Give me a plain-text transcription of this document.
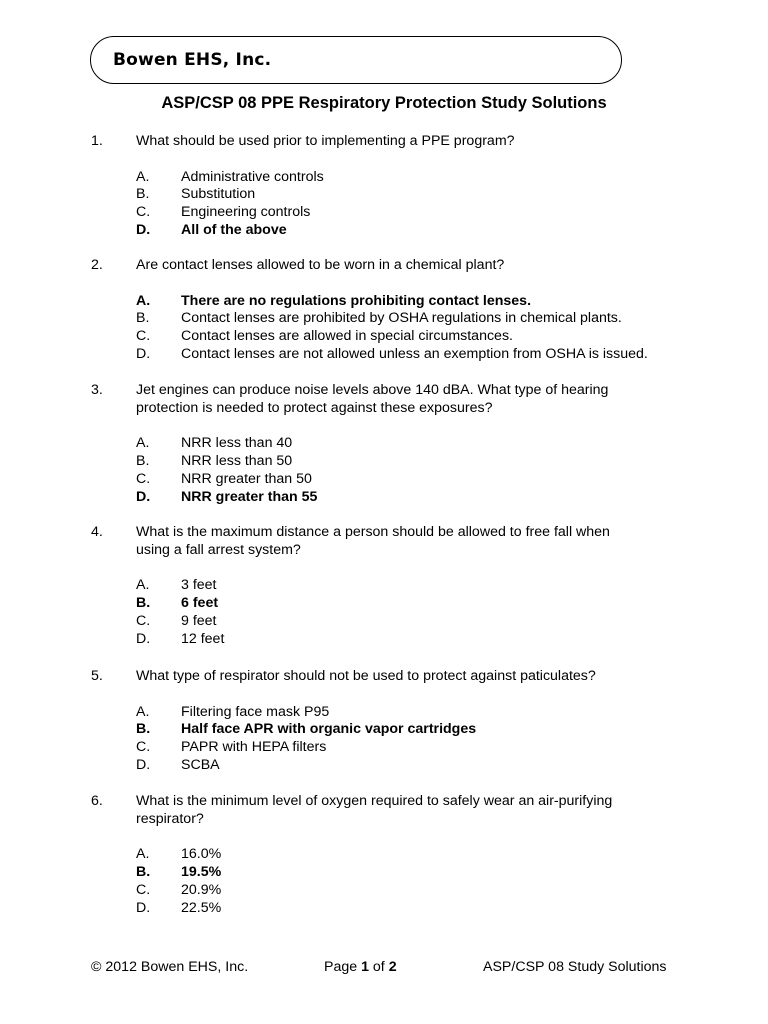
Bowen EHS, Inc.
ASP/CSP 08 PPE Respiratory Protection Study Solutions
1. What should be used prior to implementing a PPE program?
A. Administrative controls
B. Substitution
C. Engineering controls
D. All of the above
2. Are contact lenses allowed to be worn in a chemical plant?
A. There are no regulations prohibiting contact lenses.
B. Contact lenses are prohibited by OSHA regulations in chemical plants.
C. Contact lenses are allowed in special circumstances.
D. Contact lenses are not allowed unless an exemption from OSHA is issued.
3. Jet engines can produce noise levels above 140 dBA. What type of hearing
protection is needed to protect against these exposures?
A. NRR less than 40
B. NRR less than 50
C. NRR greater than 50
D. NRR greater than 55
4. What is the maximum distance a person should be allowed to free fall when
using a fall arrest system?
A. 3 feet
B. 6 feet
C. 9 feet
D. 12 feet
5. What type of respirator should not be used to protect against paticulates?
A. Filtering face mask P95
B. Half face APR with organic vapor cartridges
C. PAPR with HEPA filters
D. SCBA
6. What is the minimum level of oxygen required to safely wear an air-purifying
respirator?
A. 16.0%
B. 19.5%
C. 20.9%
D. 22.5%
© 2012 Bowen EHS, Inc.	Page 1 of 2	ASP/CSP 08 Study Solutions
